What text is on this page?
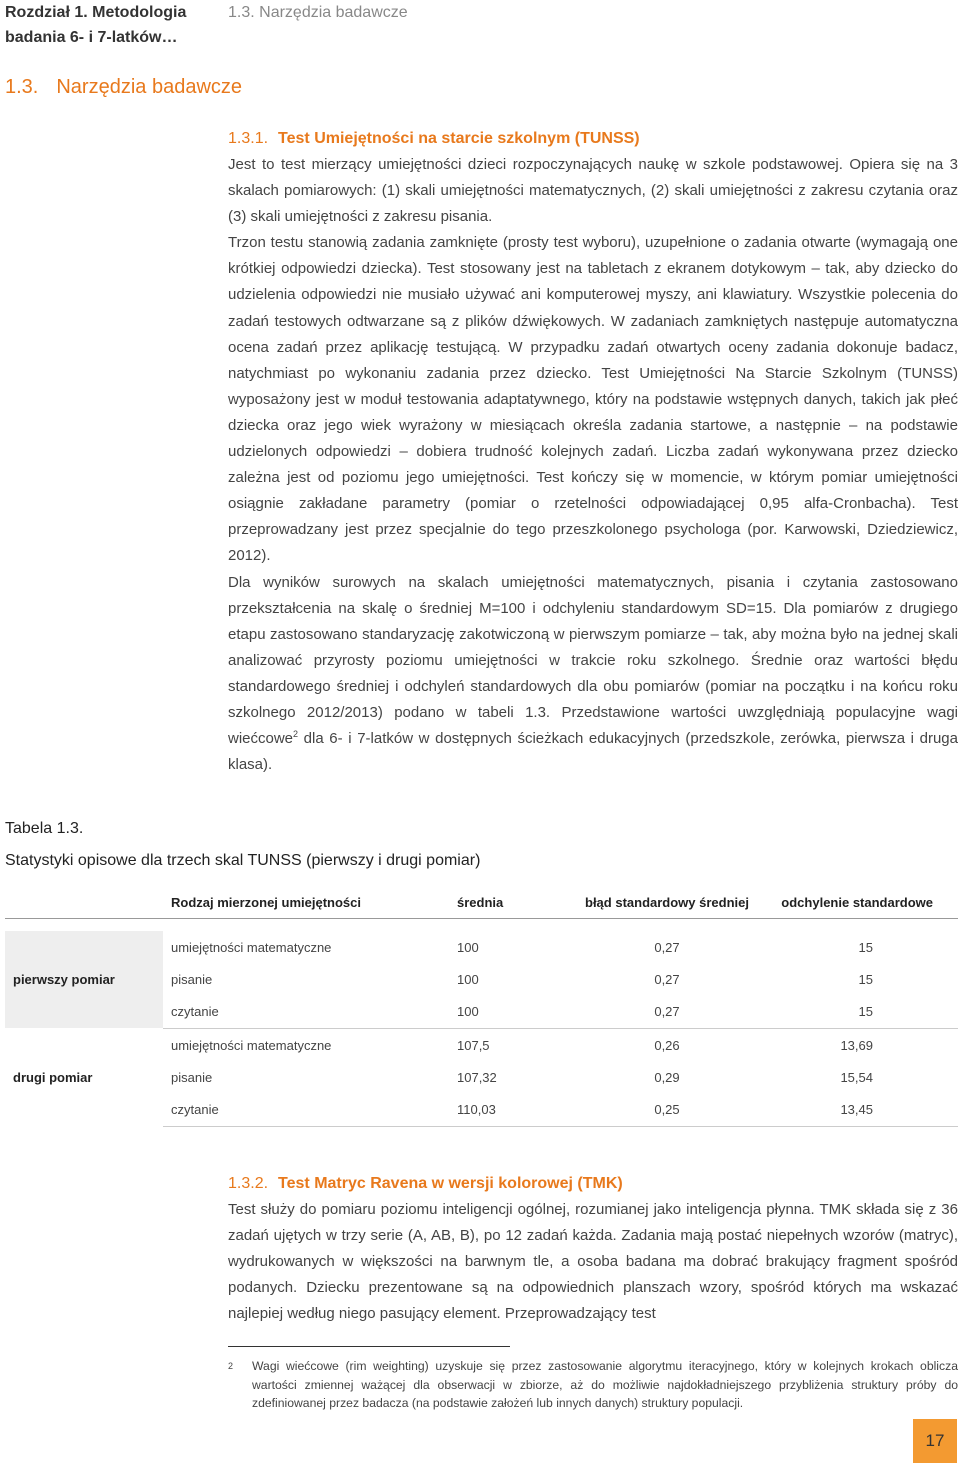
Rozdział 1. Metodologia badania 6- i 7-latków…
1.3. Narzędzia badawcze
1.3. Narzędzia badawcze
1.3.1. Test Umiejętności na starcie szkolnym (TUNSS)

Jest to test mierzący umiejętności dzieci rozpoczynających naukę w szkole podstawowej. Opiera się na 3 skalach pomiarowych: (1) skali umiejętności matematycznych, (2) skali umiejętności z zakresu czytania oraz (3) skali umiejętności z zakresu pisania.

Trzon testu stanowią zadania zamknięte (prosty test wyboru), uzupełnione o zadania otwarte (wymagają one krótkiej odpowiedzi dziecka). Test stosowany jest na tabletach z ekranem dotykowym – tak, aby dziecko do udzielenia odpowiedzi nie musiało używać ani komputerowej myszy, ani klawiatury. Wszystkie polecenia do zadań testowych odtwarzane są z plików dźwiękowych. W zadaniach zamkniętych następuje automatyczna ocena zadań przez aplikację testującą. W przypadku zadań otwartych oceny zadania dokonuje badacz, natychmiast po wykonaniu zadania przez dziecko. Test Umiejętności Na Starcie Szkolnym (TUNSS) wyposażony jest w moduł testowania adaptatywnego, który na podstawie wstępnych danych, takich jak płeć dziecka oraz jego wiek wyrażony w miesiącach określa zadania startowe, a następnie – na podstawie udzielonych odpowiedzi – dobiera trudność kolejnych zadań. Liczba zadań wykonywana przez dziecko zależna jest od poziomu jego umiejętności. Test kończy się w momencie, w którym pomiar umiejętności osiągnie zakładane parametry (pomiar o rzetelności odpowiadającej 0,95 alfa-Cronbacha). Test przeprowadzany jest przez specjalnie do tego przeszkolonego psychologa (por. Karwowski, Dziedziewicz, 2012).

Dla wyników surowych na skalach umiejętności matematycznych, pisania i czytania zastosowano przekształcenia na skalę o średniej M=100 i odchyleniu standardowym SD=15. Dla pomiarów z drugiego etapu zastosowano standaryzację zakotwiczoną w pierwszym pomiarze – tak, aby można było na jednej skali analizować przyrosty poziomu umiejętności w trakcie roku szkolnego. Średnie oraz wartości błędu standardowego średniej i odchyleń standardowych dla obu pomiarów (pomiar na początku i na końcu roku szkolnego 2012/2013) podano w tabeli 1.3. Przedstawione wartości uwzględniają populacyjne wagi wiećcowe$^2$ dla 6- i 7-latków w dostępnych ścieżkach edukacyjnych (przedszkole, zerówka, pierwsza i druga klasa).

Tabela 1.3.
Statystyki opisowe dla trzech skal TUNSS (pierwszy i drugi pomiar)
	Rodzaj mierzonej umiejętności	średnia	błąd standardowy średniej	odchylenie standardowe

pierwszy pomiar	umiejętności matematyczne	100	0,27	15
	pisanie	100	0,27	15
	czytanie	100	0,27	15
drugi pomiar	umiejętności matematyczne	107,5	0,26	13,69
	pisanie	107,32	0,29	15,54
	czytanie	110,03	0,25	13,45
1.3.2. Test Matryc Ravena w wersji kolorowej (TMK)

Test służy do pomiaru poziomu inteligencji ogólnej, rozumianej jako inteligencja płynna. TMK składa się z 36 zadań ujętych w trzy serie (A, AB, B), po 12 zadań każda. Zadania mają postać niepełnych wzorów (matryc), wydrukowanych w większości na barwnym tle, a osoba badana ma dobrać brakujący fragment spośród podanych. Dziecku prezentowane są na odpowiednich planszach wzory, spośród których ma wskazać najlepiej według niego pasujący element. Przeprowadzający test

2	Wagi wiećcowe (rim weighting) uzyskuje się przez zastosowanie algorytmu iteracyjnego, który w kolejnych krokach oblicza wartości zmiennej ważącej dla obserwacji w zbiorze, aż do możliwie najdokładniejszego przybliżenia struktury próby do zdefiniowanej przez badacza (na podstawie założeń lub innych danych) struktury populacji.
17
